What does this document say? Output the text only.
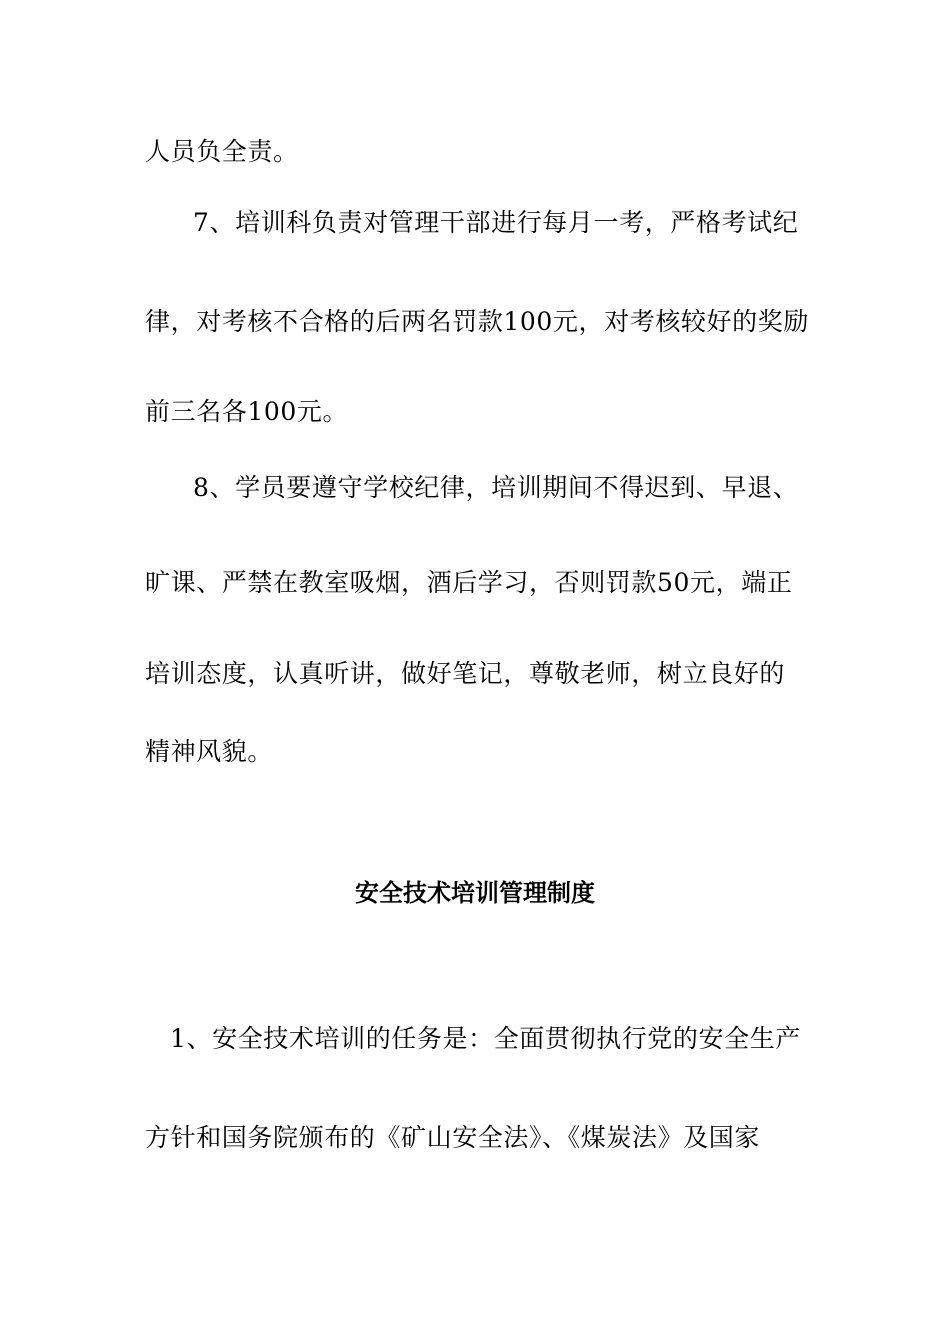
人员负全责。
7、培训科负责对管理干部进行每月一考，严格考试纪
律，对考核不合格的后两名罚款100元，对考核较好的奖励
前三名各100元。
8、学员要遵守学校纪律，培训期间不得迟到、早退、
旷课、严禁在教室吸烟，酒后学习，否则罚款50元，端正
培训态度，认真听讲，做好笔记，尊敬老师，树立良好的
精神风貌。
安全技术培训管理制度
1、安全技术培训的任务是：全面贯彻执行党的安全生产
方针和国务院颁布的《矿山安全法》、《煤炭法》及国家
